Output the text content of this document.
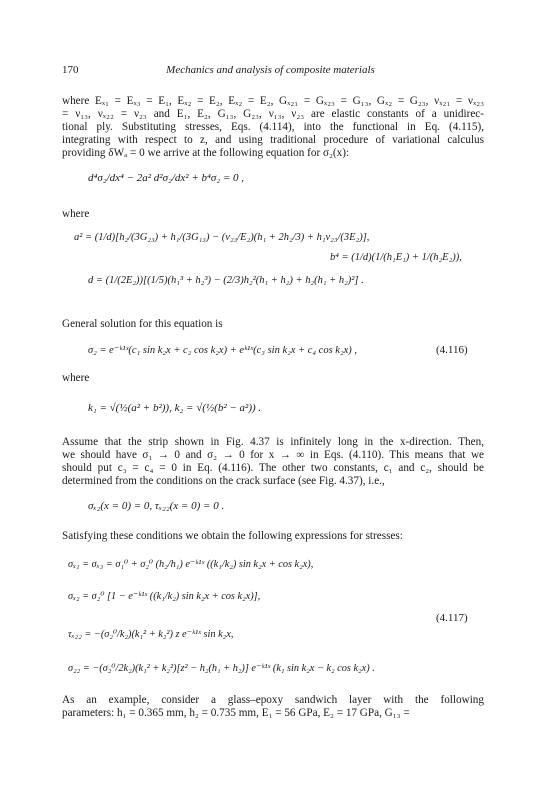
170	Mechanics and analysis of composite materials
where Eₓ₁ = Eₓ₃ = E₁, Eₓ₂ = E₂, Eₓ₂ = E₂, Gₓ₂₁ = Gₓ₂₃ = G₁₃, Gₓ₂ = G₂₃, νₓ₂₁ = νₓ₂₃
= ν₁₃, νₓ₂₂ = ν₂₃ and E₁, E₂, G₁₃, G₂₃, ν₁₃, ν₂₃ are elastic constants of a unidirec-
tional ply. Substituting stresses, Eqs. (4.114), into the functional in Eq. (4.115),
integrating with respect to z, and using traditional procedure of variational calculus
providing δWₐ = 0 we arrive at the following equation for σ₂(x):
d⁴σ₂/dx⁴ − 2a² d²σ₂/dx² + b⁴σ₂ = 0 ,
where
a² = (1/d)[h₂/(3G₂₃) + h₁/(3G₁₃) − (ν₂₃/E₂)(h₁ + 2h₂/3) + h₁ν₂₃/(3E₂)],
b⁴ = (1/d)(1/(h₁E₁) + 1/(h₂E₂)),
d = (1/(2E₂))[(1/5)(h₁³ + h₂³) − (2/3)h₂²(h₁ + h₂) + h₂(h₁ + h₂)²] .
General solution for this equation is
σ₂ = e⁻ᵏ¹ˣ(c₁ sin k₂x + c₂ cos k₂x) + eᵏ¹ˣ(c₃ sin k₂x + c₄ cos k₂x) ,	(4.116)
where
k₁ = √(½(a² + b²)), k₂ = √(½(b² − a²)) .
Assume that the strip shown in Fig. 4.37 is infinitely long in the x-direction. Then,
we should have σ₁ → 0 and σ₂ → 0 for x → ∞ in Eqs. (4.110). This means that we
should put c₃ = c₄ = 0 in Eq. (4.116). The other two constants, c₁ and c₂, should be
determined from the conditions on the crack surface (see Fig. 4.37), i.e.,
σₓ₂(x = 0) = 0, τₓ₂₂(x = 0) = 0 .
Satisfying these conditions we obtain the following expressions for stresses:
σₓ₁ = σₓ₃ = σ₁⁰ + σ₂⁰ (h₂/h₁) e⁻ᵏ¹ˣ ((k₁/k₂) sin k₂x + cos k₂x),
σₓ₂ = σ₂⁰ [1 − e⁻ᵏ¹ˣ ((k₁/k₂) sin k₂x + cos k₂x)],
(4.117)
τₓ₂₂ = −(σ₂⁰/k₂)(k₁² + k₂²) z e⁻ᵏ¹ˣ sin k₂x,
σ₂₂ = −(σ₂⁰/2k₂)(k₁² + k₂²)[z² − h₂(h₁ + h₂)] e⁻ᵏ¹ˣ (k₁ sin k₂x − k₂ cos k₂x) .
As an example, consider a glass–epoxy sandwich layer with the following
parameters: h₁ = 0.365 mm, h₂ = 0.735 mm, E₁ = 56 GPa, E₂ = 17 GPa, G₁₃ =
